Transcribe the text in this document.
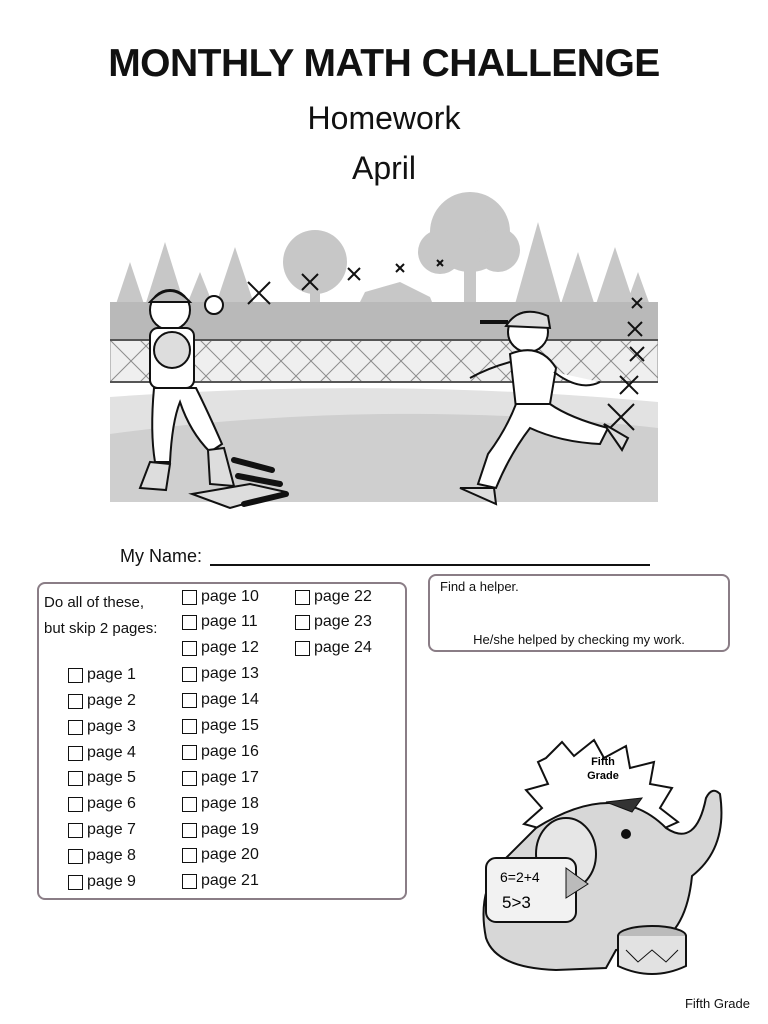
MONTHLY MATH CHALLENGE
Homework
April
My Name:
Do all of these,
but skip 2 pages:
page 1
page 2
page 3
page 4
page 5
page 6
page 7
page 8
page 9
page 10
page 11
page 12
page 13
page 14
page 15
page 16
page 17
page 18
page 19
page 20
page 21
page 22
page 23
page 24
Find a helper.
He/she helped by checking my work.
Fifth
Grade
6=2+4
5>3
Fifth Grade
